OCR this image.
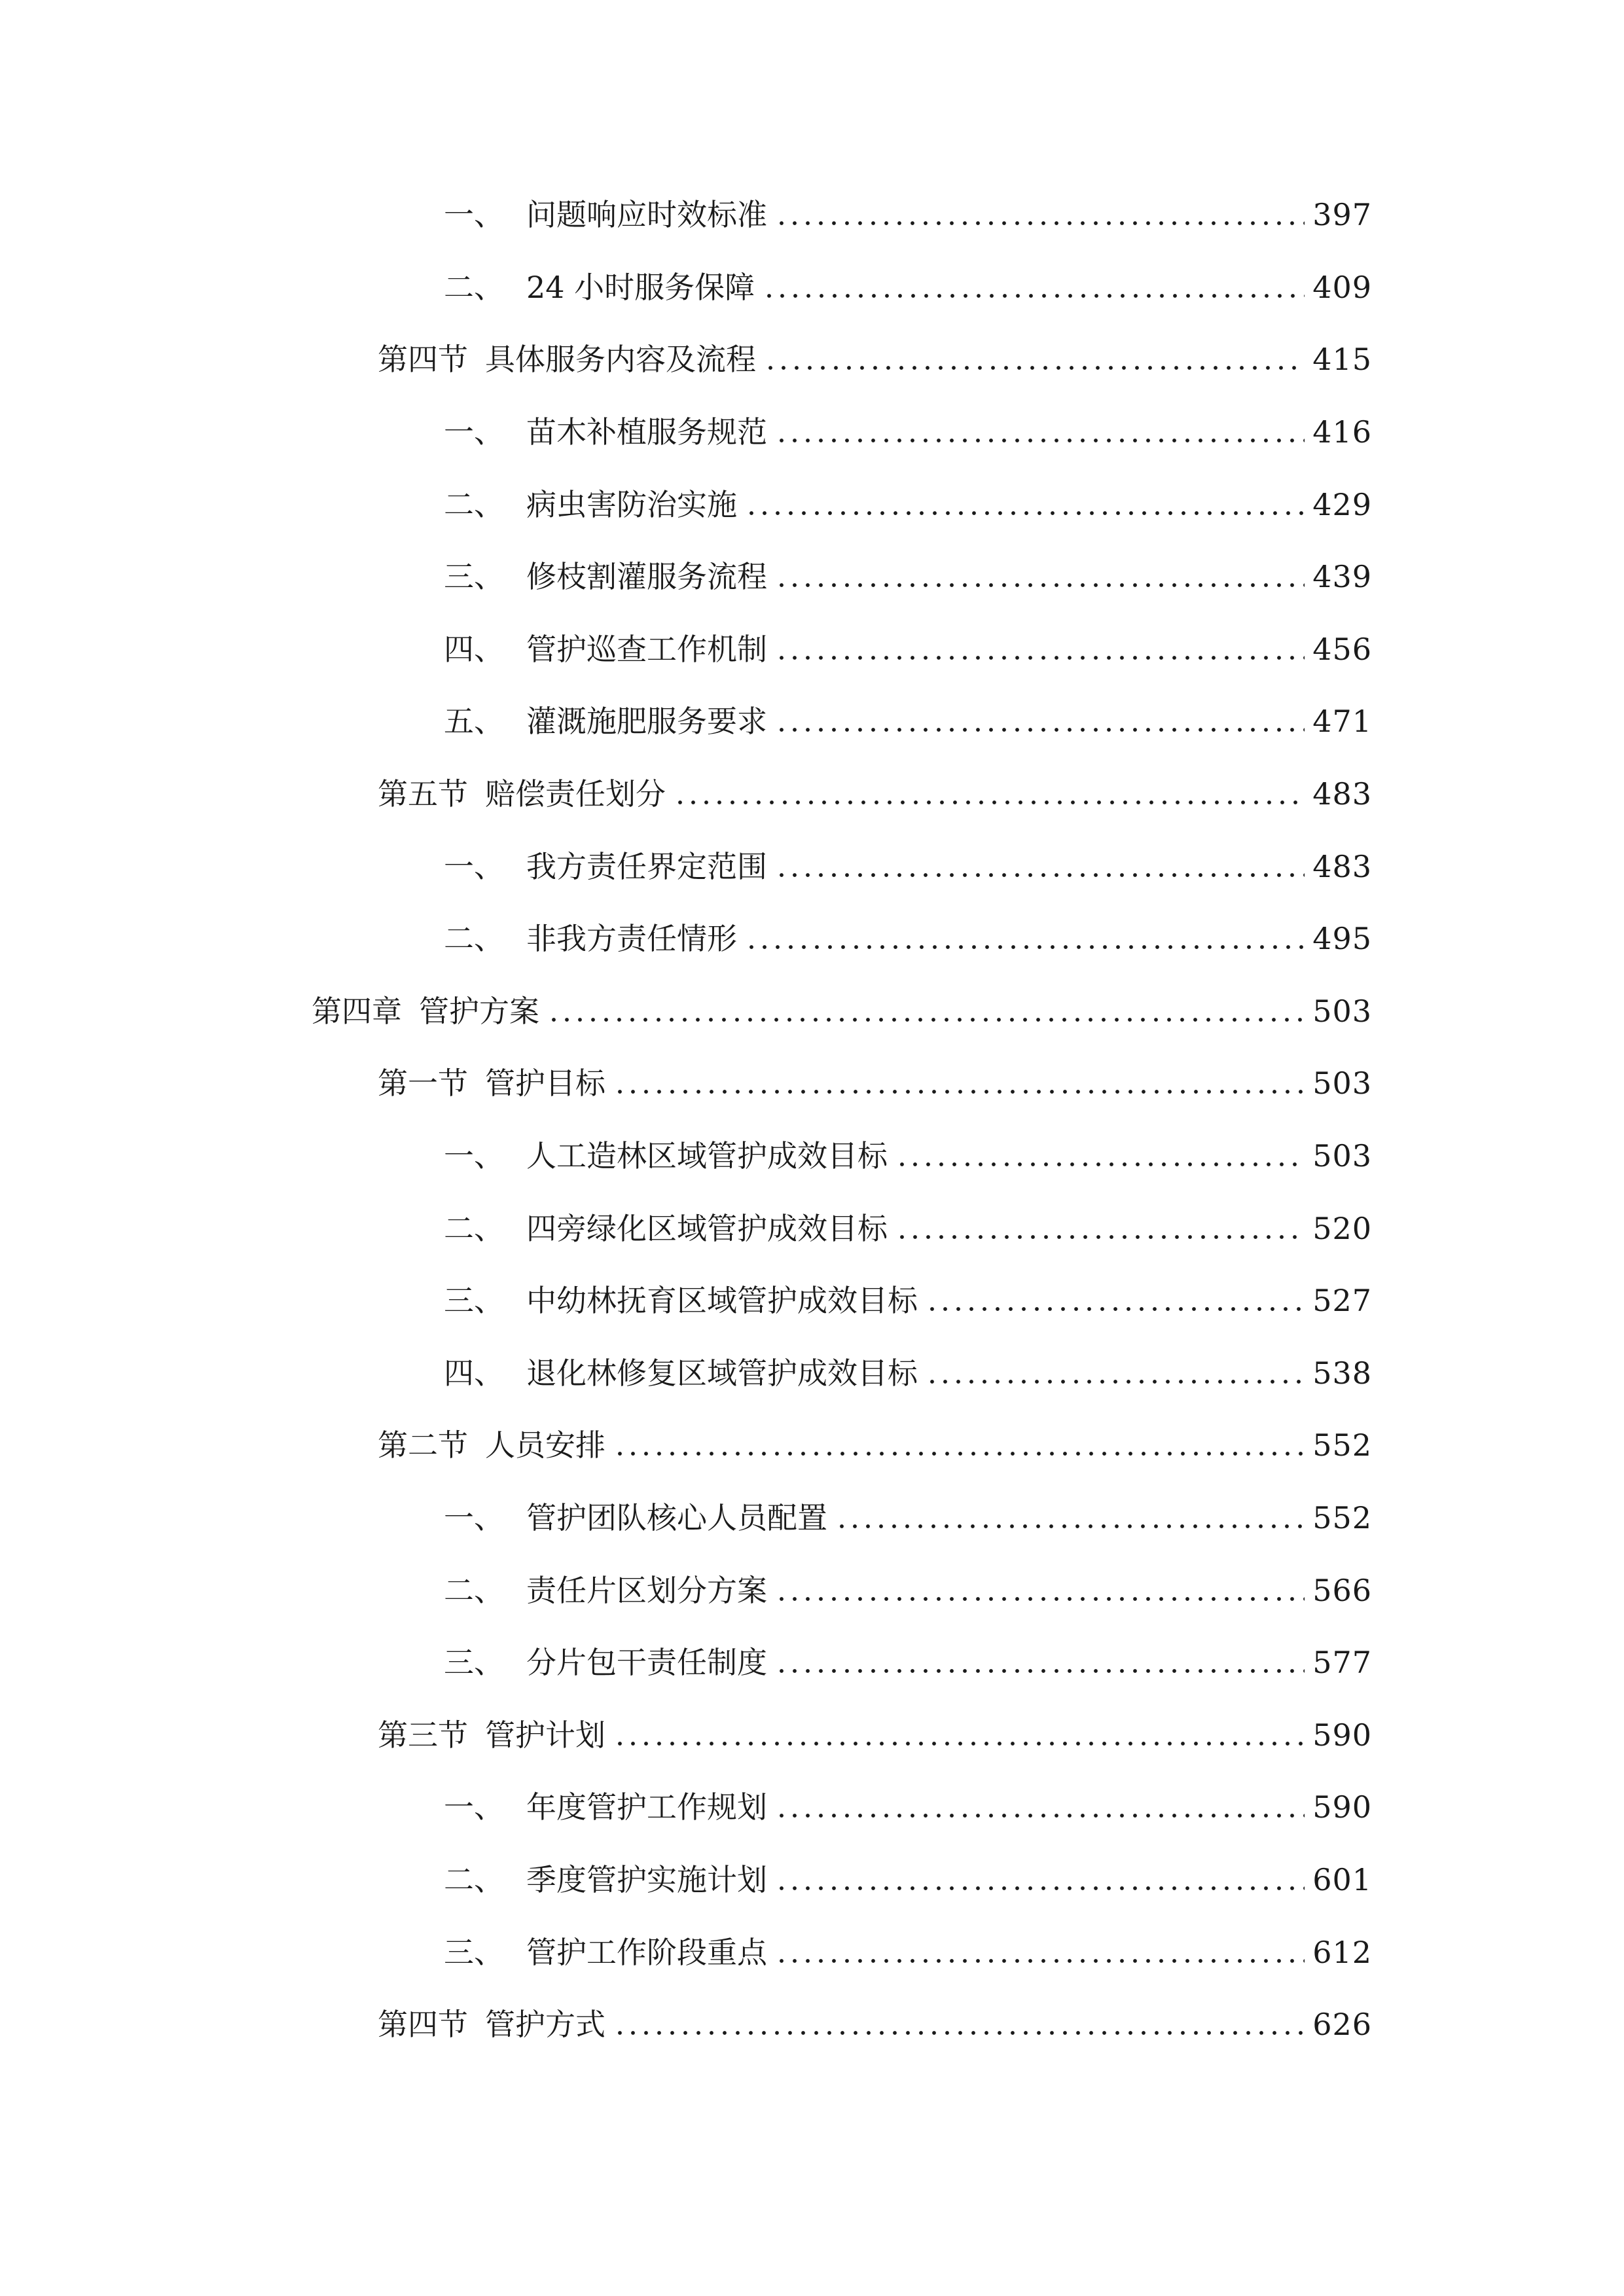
一、 问题响应时效标准	397
二、 24 小时服务保障	409
第四节 具体服务内容及流程	415
一、 苗木补植服务规范	416
二、 病虫害防治实施	429
三、 修枝割灌服务流程	439
四、 管护巡查工作机制	456
五、 灌溉施肥服务要求	471
第五节 赔偿责任划分	483
一、 我方责任界定范围	483
二、 非我方责任情形	495
第四章 管护方案	503
第一节 管护目标	503
一、 人工造林区域管护成效目标	503
二、 四旁绿化区域管护成效目标	520
三、 中幼林抚育区域管护成效目标	527
四、 退化林修复区域管护成效目标	538
第二节 人员安排	552
一、 管护团队核心人员配置	552
二、 责任片区划分方案	566
三、 分片包干责任制度	577
第三节 管护计划	590
一、 年度管护工作规划	590
二、 季度管护实施计划	601
三、 管护工作阶段重点	612
第四节 管护方式	626
